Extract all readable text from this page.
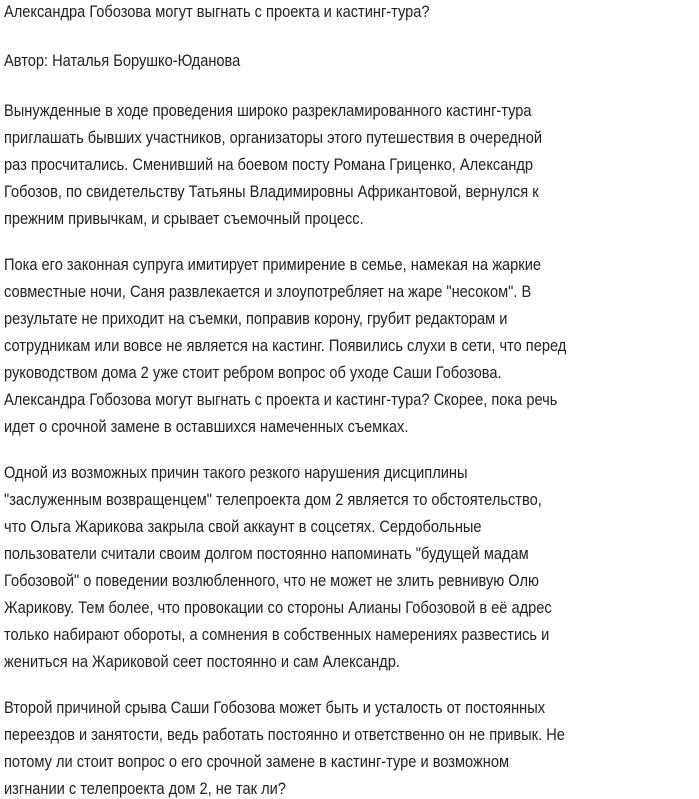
Александра Гобозова могут выгнать с проекта и кастинг-тура?
Автор: Наталья Борушко-Юданова
Вынужденные в ходе проведения широко разрекламированного кастинг-тура
приглашать бывших участников, организаторы этого путешествия в очередной
раз просчитались. Сменивший на боевом посту Романа Гриценко, Александр
Гобозов, по свидетельству Татьяны Владимировны Африкантовой, вернулся к
прежним привычкам, и срывает съемочный процесс.
Пока его законная супруга имитирует примирение в семье, намекая на жаркие
совместные ночи, Саня развлекается и злоупотребляет на жаре "несоком". В
результате не приходит на съемки, поправив корону, грубит редакторам и
сотрудникам или вовсе не является на кастинг. Появились слухи в сети, что перед
руководством дома 2 уже стоит ребром вопрос об уходе Саши Гобозова.
Александра Гобозова могут выгнать с проекта и кастинг-тура? Скорее, пока речь
идет о срочной замене в оставшихся намеченных съемках.
Одной из возможных причин такого резкого нарушения дисциплины
"заслуженным возвращенцем" телепроекта дом 2 является то обстоятельство,
что Ольга Жарикова закрыла свой аккаунт в соцсетях. Сердобольные
пользователи считали своим долгом постоянно напоминать "будущей мадам
Гобозовой" о поведении возлюбленного, что не может не злить ревнивую Олю
Жарикову. Тем более, что провокации со стороны Алианы Гобозовой в её адрес
только набирают обороты, а сомнения в собственных намерениях развестись и
жениться на Жариковой сеет постоянно и сам Александр.
Второй причиной срыва Саши Гобозова может быть и усталость от постоянных
переездов и занятости, ведь работать постоянно и ответственно он не привык. Не
потому ли стоит вопрос о его срочной замене в кастинг-туре и возможном
изгнании с телепроекта дом 2, не так ли?
